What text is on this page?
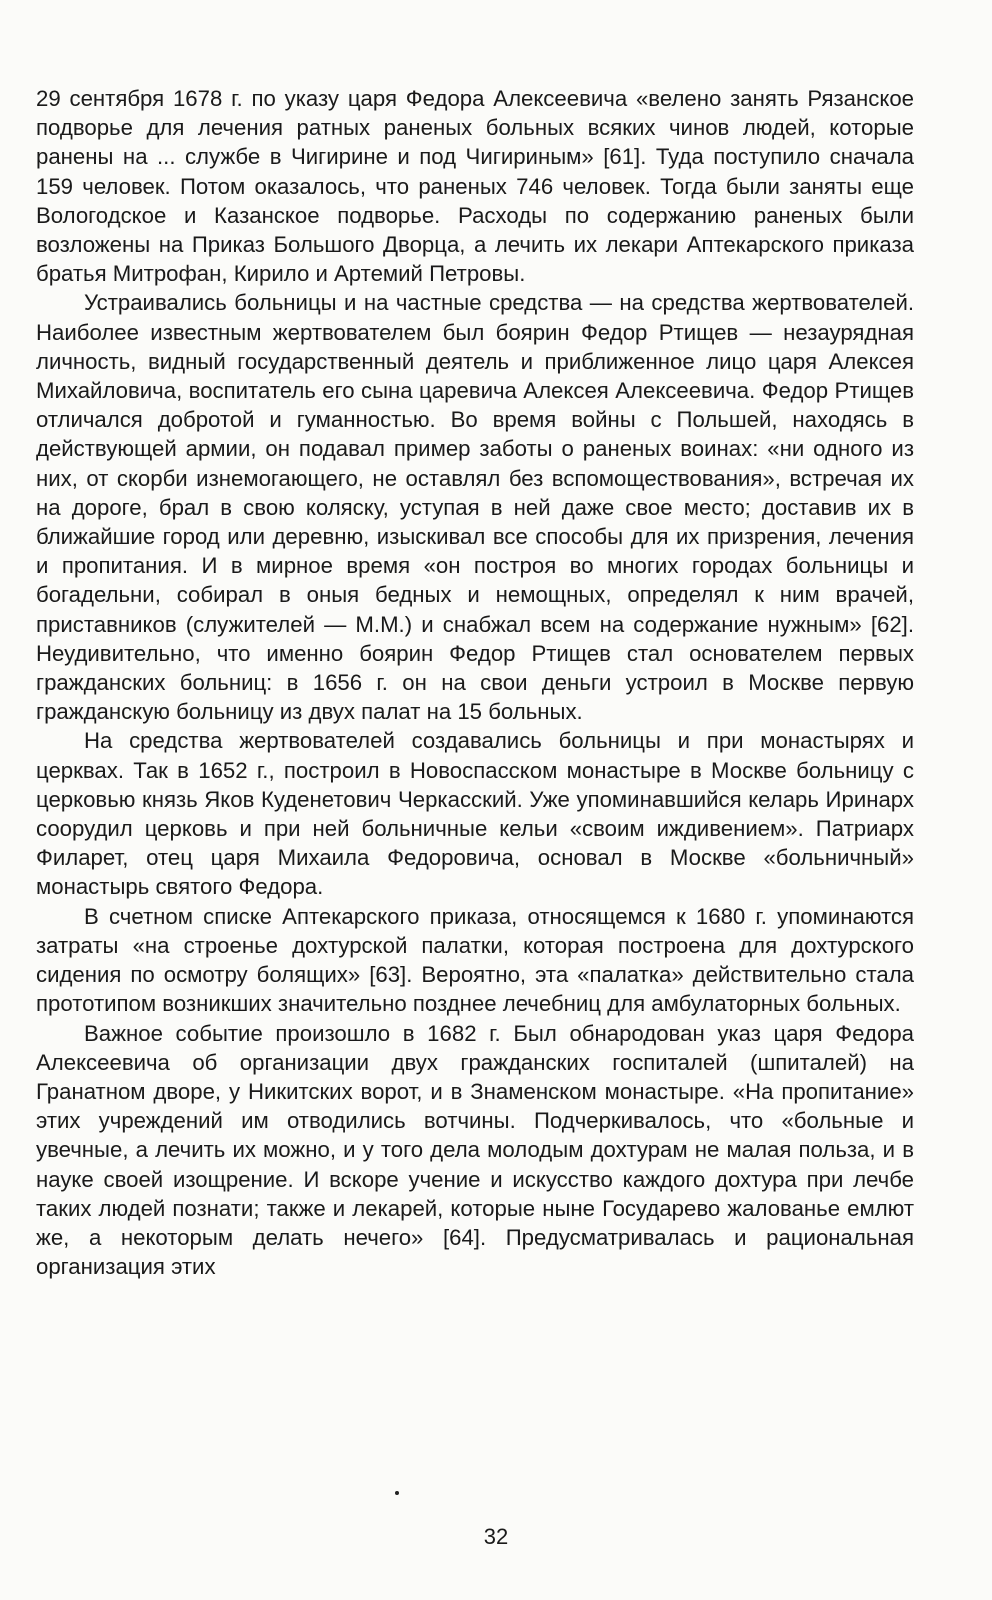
29 сентября 1678 г. по указу царя Федора Алексеевича «велено занять Рязанское подворье для лечения ратных раненых больных всяких чинов людей, которые ранены на ... службе в Чигирине и под Чигириным» [61]. Туда поступило сначала 159 человек. Потом оказалось, что раненых 746 человек. Тогда были заняты еще Вологодское и Казанское подворье. Расходы по содержанию раненых были возложены на Приказ Большого Дворца, а лечить их лекари Аптекарского приказа братья Митрофан, Кирило и Артемий Петровы.

Устраивались больницы и на частные средства — на средства жертвователей. Наиболее известным жертвователем был боярин Федор Ртищев — незаурядная личность, видный государственный деятель и приближенное лицо царя Алексея Михайловича, воспитатель его сына царевича Алексея Алексеевича. Федор Ртищев отличался добротой и гуманностью. Во время войны с Польшей, находясь в действующей армии, он подавал пример заботы о раненых воинах: «ни одного из них, от скорби изнемогающего, не оставлял без вспомоществования», встречая их на дороге, брал в свою коляску, уступая в ней даже свое место; доставив их в ближайшие город или деревню, изыскивал все способы для их призрения, лечения и пропитания. И в мирное время «он построя во многих городах больницы и богадельни, собирал в оныя бедных и немощных, определял к ним врачей, приставников (служителей — М.М.) и снабжал всем на содержание нужным» [62]. Неудивительно, что именно боярин Федор Ртищев стал основателем первых гражданских больниц: в 1656 г. он на свои деньги устроил в Москве первую гражданскую больницу из двух палат на 15 больных.

На средства жертвователей создавались больницы и при монастырях и церквах. Так в 1652 г., построил в Новоспасском монастыре в Москве больницу с церковью князь Яков Куденетович Черкасский. Уже упоминавшийся келарь Иринарх соорудил церковь и при ней больничные кельи «своим иждивением». Патриарх Филарет, отец царя Михаила Федоровича, основал в Москве «больничный» монастырь святого Федора.

В счетном списке Аптекарского приказа, относящемся к 1680 г. упоминаются затраты «на строенье дохтурской палатки, которая построена для дохтурского сидения по осмотру болящих» [63]. Вероятно, эта «палатка» действительно стала прототипом возникших значительно позднее лечебниц для амбулаторных больных.

Важное событие произошло в 1682 г. Был обнародован указ царя Федора Алексеевича об организации двух гражданских госпиталей (шпиталей) на Гранатном дворе, у Никитских ворот, и в Знаменском монастыре. «На пропитание» этих учреждений им отводились вотчины. Подчеркивалось, что «больные и увечные, а лечить их можно, и у того дела молодым дохтурам не малая польза, и в науке своей изощрение. И вскоре учение и искусство каждого дохтура при лечбе таких людей познати; также и лекарей, которые ныне Государево жалованье емлют же, а некоторым делать нечего» [64]. Предусматривалась и рациональная организация этих

32
